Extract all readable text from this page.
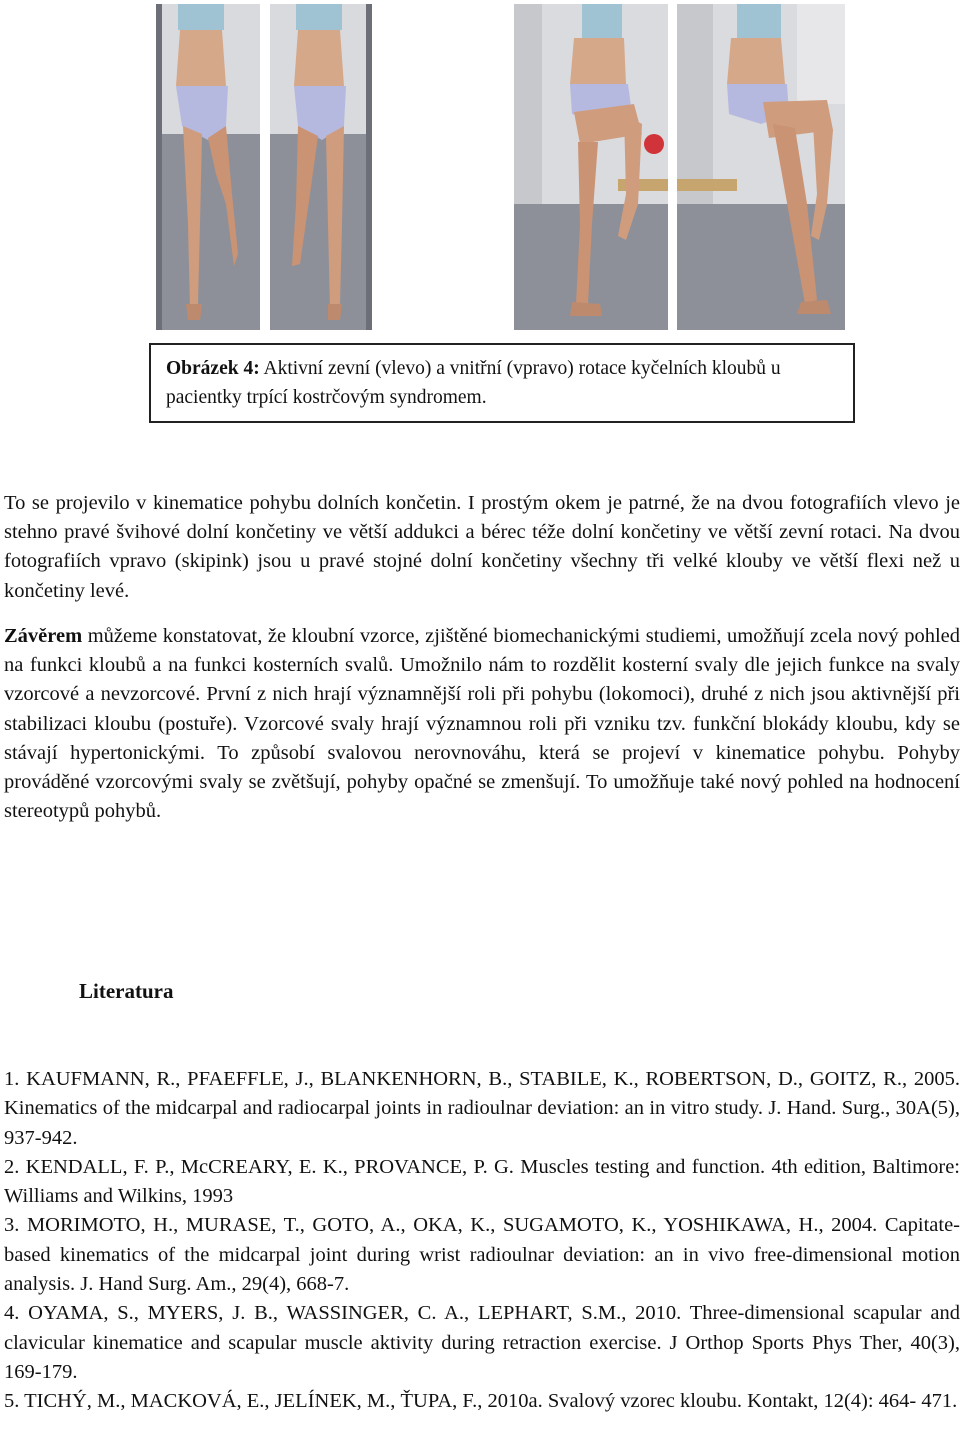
Obrázek 4: Aktivní zevní (vlevo) a vnitřní (vpravo) rotace kyčelních kloubů u pacientky trpící kostrčovým syndromem.

To se projevilo v kinematice pohybu dolních končetin. I prostým okem je patrné, že na dvou fotografiích vlevo je stehno pravé švihové dolní končetiny ve větší addukci a bérec téže dolní končetiny ve větší zevní rotaci. Na dvou fotografiích vpravo (skipink) jsou u pravé stojné dolní končetiny všechny tři velké klouby ve větší flexi než u končetiny levé.

Závěrem můžeme konstatovat, že kloubní vzorce, zjištěné biomechanickými studiemi, umožňují zcela nový pohled na funkci kloubů a na funkci kosterních svalů. Umožnilo nám to rozdělit kosterní svaly dle jejich funkce na svaly vzorcové a nevzorcové. První z nich hrají významnější roli při pohybu (lokomoci), druhé z nich jsou aktivnější při stabilizaci kloubu (postuře). Vzorcové svaly hrají významnou roli při vzniku tzv. funkční blokády kloubu, kdy se stávají hypertonickými. To způsobí svalovou nerovnováhu, která se projeví v kinematice pohybu. Pohyby prováděné vzorcovými svaly se zvětšují, pohyby opačné se zmenšují. To umožňuje také nový pohled na hodnocení stereotypů pohybů.

Literatura
1. KAUFMANN, R., PFAEFFLE, J., BLANKENHORN, B., STABILE, K., ROBERTSON, D., GOITZ, R., 2005. Kinematics of the midcarpal and radiocarpal joints in radioulnar deviation: an in vitro study. J. Hand. Surg., 30A(5), 937-942.
2. KENDALL, F. P., McCREARY, E. K., PROVANCE, P. G. Muscles testing and function. 4th edition, Baltimore: Williams and Wilkins, 1993
3. MORIMOTO, H., MURASE, T., GOTO, A., OKA, K., SUGAMOTO, K., YOSHIKAWA, H., 2004. Capitate-based kinematics of the midcarpal joint during wrist radioulnar deviation: an in vivo free-dimensional motion analysis. J. Hand Surg. Am., 29(4), 668-7.
4. OYAMA, S., MYERS, J. B., WASSINGER, C. A., LEPHART, S.M., 2010. Three-dimensional scapular and clavicular kinematice and scapular muscle aktivity during retraction exercise. J Orthop Sports Phys Ther, 40(3), 169-179.
5. TICHÝ, M., MACKOVÁ, E., JELÍNEK, M., ŤUPA, F., 2010a. Svalový vzorec kloubu. Kontakt, 12(4): 464- 471.
